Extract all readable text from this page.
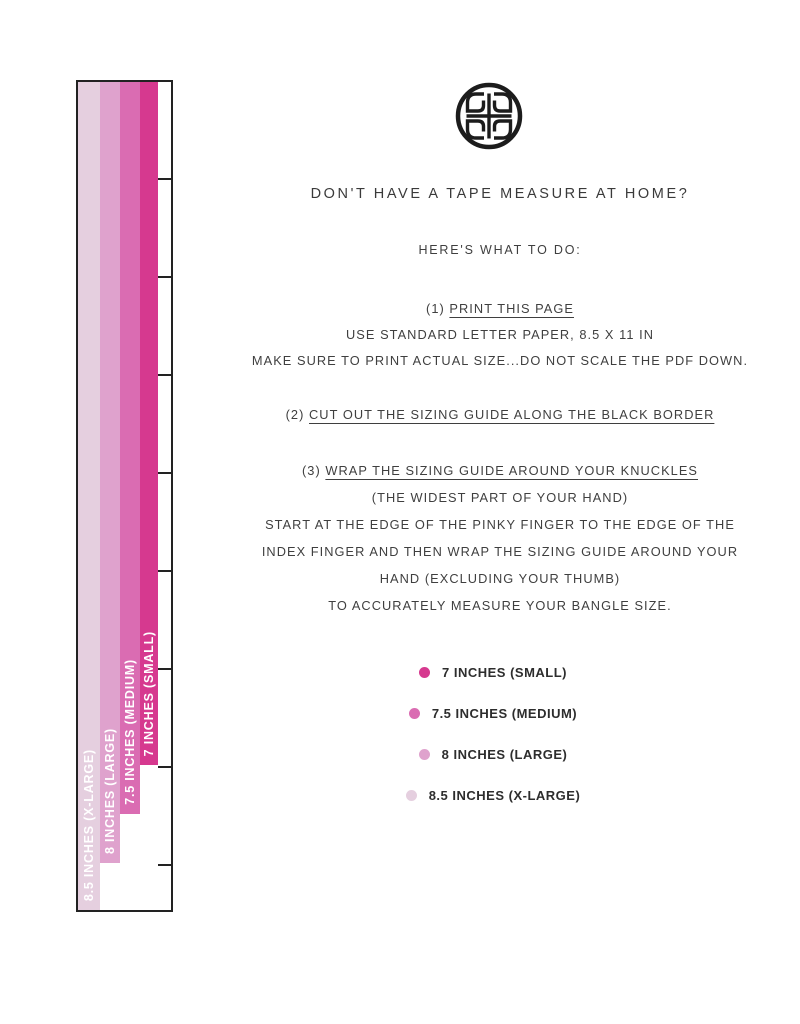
8.5 INCHES (X-LARGE) 8 INCHES (LARGE) 7.5 INCHES (MEDIUM) 7 INCHES (SMALL)
DON'T HAVE A TAPE MEASURE AT HOME?
HERE'S WHAT TO DO:
(1) PRINT THIS PAGE
USE STANDARD LETTER PAPER, 8.5 X 11 IN
MAKE SURE TO PRINT ACTUAL SIZE...DO NOT SCALE THE PDF DOWN.
(2) CUT OUT THE SIZING GUIDE ALONG THE BLACK BORDER
(3) WRAP THE SIZING GUIDE AROUND YOUR KNUCKLES
(THE WIDEST PART OF YOUR HAND)
START AT THE EDGE OF THE PINKY FINGER TO THE EDGE OF THE
INDEX FINGER AND THEN WRAP THE SIZING GUIDE AROUND YOUR
HAND (EXCLUDING YOUR THUMB)
TO ACCURATELY MEASURE YOUR BANGLE SIZE.
7 INCHES (SMALL)
7.5 INCHES (MEDIUM)
8 INCHES (LARGE)
8.5 INCHES (X-LARGE)
